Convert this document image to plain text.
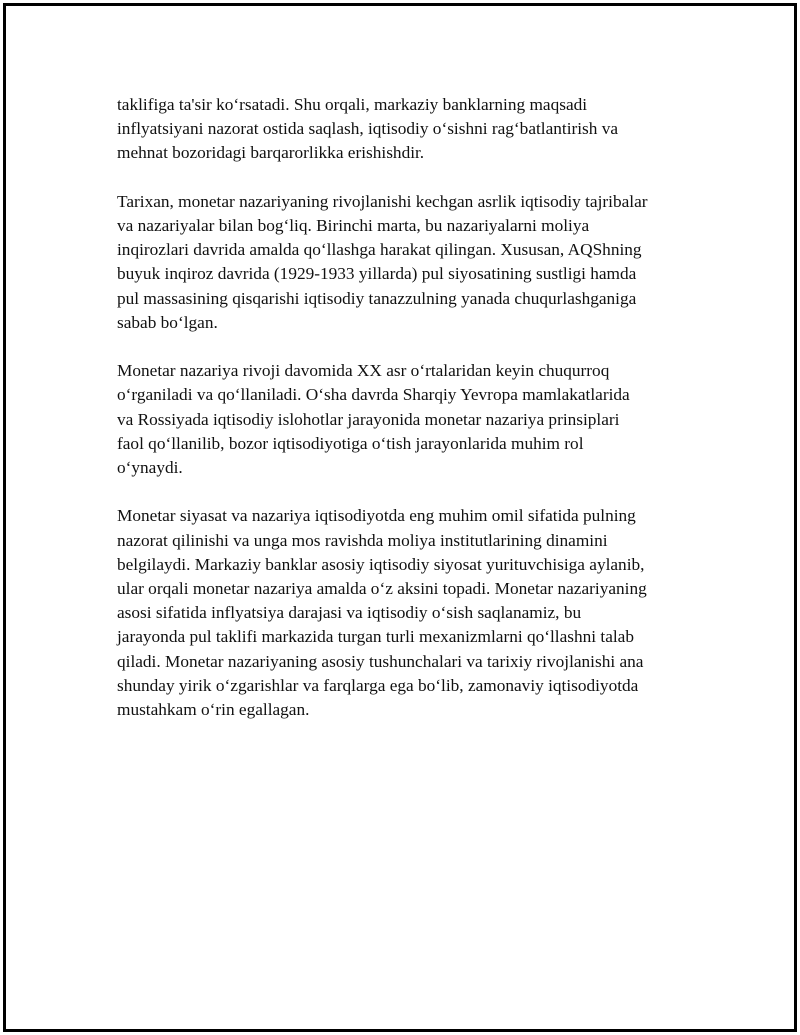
taklifiga ta'sir ko‘rsatadi. Shu orqali, markaziy banklarning maqsadi
inflyatsiyani nazorat ostida saqlash, iqtisodiy o‘sishni rag‘batlantirish va
mehnat bozoridagi barqarorlikka erishishdir.

Tarixan, monetar nazariyaning rivojlanishi kechgan asrlik iqtisodiy tajribalar
va nazariyalar bilan bog‘liq. Birinchi marta, bu nazariyalarni moliya
inqirozlari davrida amalda qo‘llashga harakat qilingan. Xususan, AQShning
buyuk inqiroz davrida (1929-1933 yillarda) pul siyosatining sustligi hamda
pul massasining qisqarishi iqtisodiy tanazzulning yanada chuqurlashganiga
sabab bo‘lgan.

Monetar nazariya rivoji davomida XX asr o‘rtalaridan keyin chuqurroq
o‘rganiladi va qo‘llaniladi. O‘sha davrda Sharqiy Yevropa mamlakatlarida
va Rossiyada iqtisodiy islohotlar jarayonida monetar nazariya prinsiplari
faol qo‘llanilib, bozor iqtisodiyotiga o‘tish jarayonlarida muhim rol
o‘ynaydi.

Monetar siyasat va nazariya iqtisodiyotda eng muhim omil sifatida pulning
nazorat qilinishi va unga mos ravishda moliya institutlarining dinamini
belgilaydi. Markaziy banklar asosiy iqtisodiy siyosat yurituvchisiga aylanib,
ular orqali monetar nazariya amalda o‘z aksini topadi. Monetar nazariyaning
asosi sifatida inflyatsiya darajasi va iqtisodiy o‘sish saqlanamiz, bu
jarayonda pul taklifi markazida turgan turli mexanizmlarni qo‘llashni talab
qiladi. Monetar nazariyaning asosiy tushunchalari va tarixiy rivojlanishi ana
shunday yirik o‘zgarishlar va farqlarga ega bo‘lib, zamonaviy iqtisodiyotda
mustahkam o‘rin egallagan.
